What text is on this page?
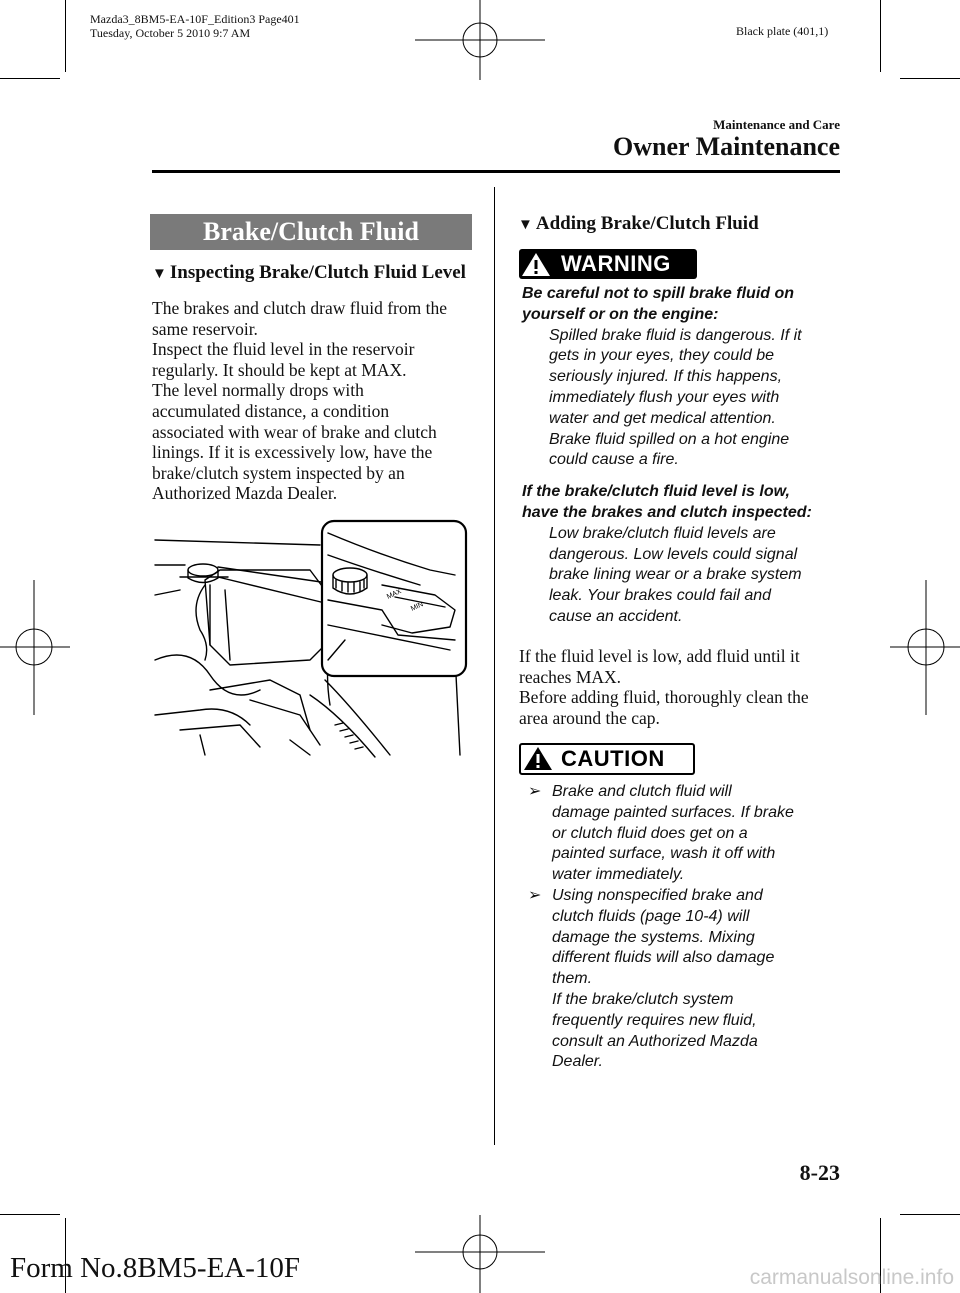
Mazda3_8BM5-EA-10F_Edition3 Page401
Tuesday, October 5 2010 9:7 AM	Black plate (401,1)
Maintenance and Care
Owner Maintenance
Brake/Clutch Fluid
▼ Inspecting Brake/Clutch Fluid Level

The brakes and clutch draw fluid from the

same reservoir.

Inspect the fluid level in the reservoir

regularly. It should be kept at MAX.

The level normally drops with

accumulated distance, a condition

associated with wear of brake and clutch

linings. If it is excessively low, have the

brake/clutch system inspected by an

Authorized Mazda Dealer.

MAX
MIN
▼ Adding Brake/Clutch Fluid
WARNING
Be careful not to spill brake fluid on
yourself or on the engine:
Spilled brake fluid is dangerous. If it
gets in your eyes, they could be
seriously injured. If this happens,
immediately flush your eyes with
water and get medical attention.
Brake fluid spilled on a hot engine
could cause a fire.
If the brake/clutch fluid level is low,
have the brakes and clutch inspected:
Low brake/clutch fluid levels are
dangerous. Low levels could signal
brake lining wear or a brake system
leak. Your brakes could fail and
cause an accident.

If the fluid level is low, add fluid until it

reaches MAX.

Before adding fluid, thoroughly clean the

area around the cap.

CAUTION
➢ Brake and clutch fluid will
damage painted surfaces. If brake
or clutch fluid does get on a
painted surface, wash it off with
water immediately.
➢ Using nonspecified brake and
clutch fluids (page 10-4) will
damage the systems. Mixing
different fluids will also damage
them.
If the brake/clutch system
frequently requires new fluid,
consult an Authorized Mazda
Dealer.
8-23
Form No.8BM5-EA-10F	carmanualsonline.info
